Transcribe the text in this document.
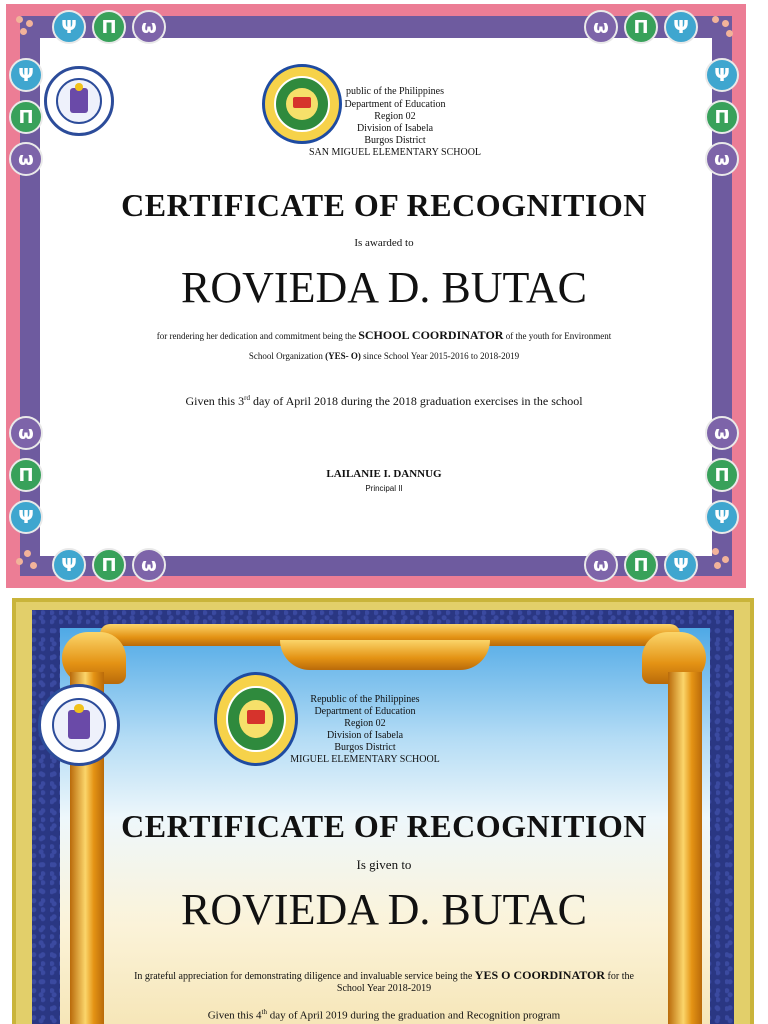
Ψ	Π	ω
Ψ
Π
ω
ω	Π	Ψ
Ψ
Π
ω
ω
Π
Ψ
Ψ	Π	ω
ω
Π
Ψ
ω	Π	Ψ
public of the Philippines
Department of Education
Region 02
Division of Isabela
Burgos District
SAN MIGUEL ELEMENTARY SCHOOL
CERTIFICATE OF RECOGNITION
Is awarded to
ROVIEDA D. BUTAC
for rendering her dedication and commitment being the SCHOOL COORDINATOR of the youth for Environment
School Organization (YES- O) since School Year 2015-2016 to 2018-2019
Given this 3rd day of April 2018 during the 2018 graduation exercises in the school
LAILANIE I. DANNUG
Principal II
Republic of the Philippines
Department of Education
Region 02
Division of Isabela
Burgos District
MIGUEL ELEMENTARY SCHOOL
CERTIFICATE OF RECOGNITION
Is given to
ROVIEDA D. BUTAC
In grateful appreciation for demonstrating diligence and invaluable service being the YES O COORDINATOR for the
School Year 2018-2019
Given this 4th day of April 2019 during the graduation and Recognition program
